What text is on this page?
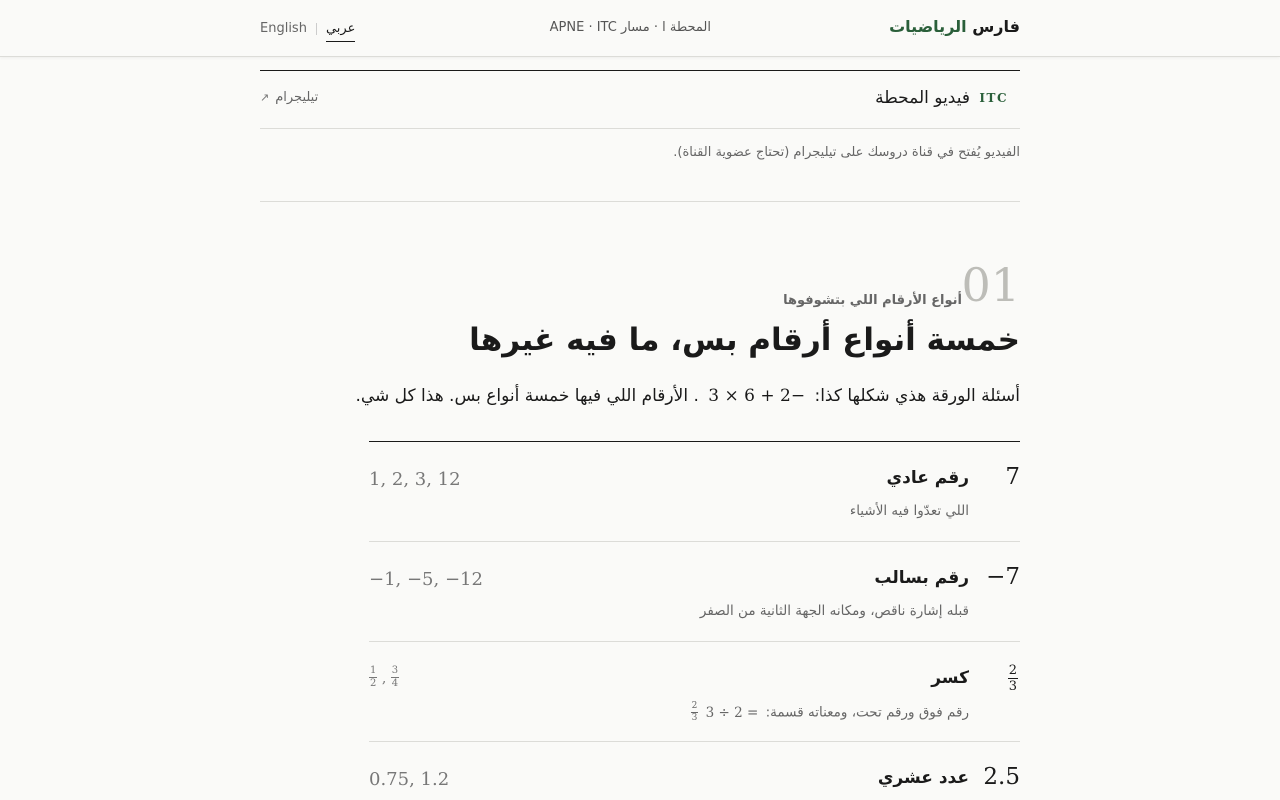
فارس الرياضيات
المحطة ا · مسار APNE · ITC
English عربي
ITC
فيديو المحطة
↗ تيليجرام
الفيديو يُفتح في قناة دروسك على تيليجرام (تحتاج عضوية القناة).
01
أنواع الأرقام اللي بتشوفوها
خمسة أنواع أرقام بس، ما فيه غيرها
أسئلة الورقة هذي شكلها كذا: 3 × 6 + 2− . الأرقام اللي فيها خمسة أنواع بس. هذا كل شي.
7
رقم عادي
اللي تعدّوا فيه الأشياء
1, 2, 3, 12
−7
رقم بسالب
قبله إشارة ناقص، ومكانه الجهة الثانية من الصفر
−1, −5, −12
$\frac{2}{3}$
كسر
رقم فوق ورقم تحت، ومعناته قسمة: 3 ÷ 2 =
$\frac{2}{3}$
$\frac{1}{2}$ , $\frac{3}{4}$
2.5
عدد عشري
0.75, 1.2
